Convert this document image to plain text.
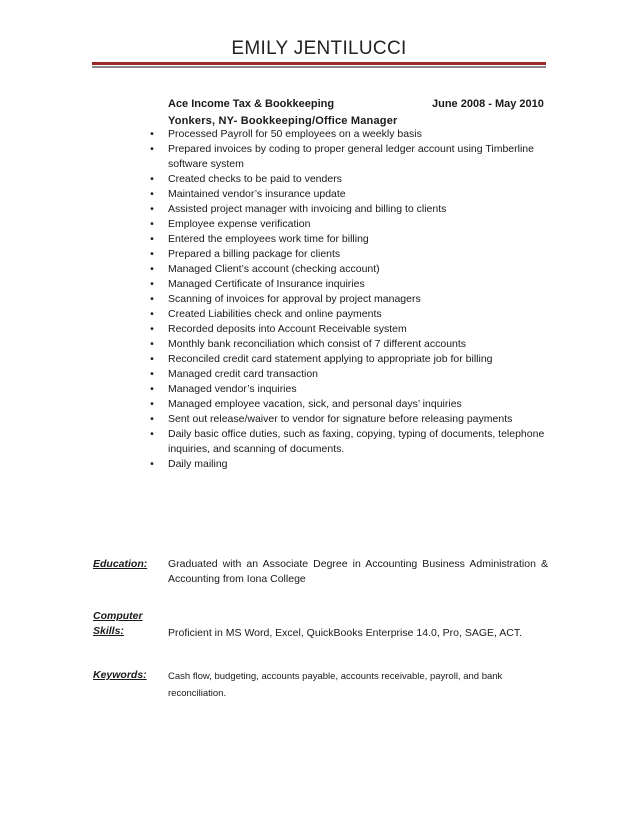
EMILY JENTILUCCI
Ace Income Tax & Bookkeeping	June 2008 - May 2010
Yonkers, NY- Bookkeeping/Office Manager
• Processed Payroll for 50 employees on a weekly basis
• Prepared invoices by coding to proper general ledger account using Timberline software system
• Created checks to be paid to venders
• Maintained vendor’s insurance update
• Assisted project manager with invoicing and billing to clients
• Employee expense verification
• Entered the employees work time for billing
• Prepared a billing package for clients
• Managed Client’s account (checking account)
• Managed Certificate of Insurance inquiries
• Scanning of invoices for approval by project managers
• Created Liabilities check and online payments
• Recorded deposits into Account Receivable system
• Monthly bank reconciliation which consist of 7 different accounts
• Reconciled credit card statement applying to appropriate job for billing
• Managed credit card transaction
• Managed vendor’s inquiries
• Managed employee vacation, sick, and personal days’ inquiries
• Sent out release/waiver to vendor for signature before releasing payments
• Daily basic office duties, such as faxing, copying, typing of documents, telephone inquiries, and scanning of documents.
• Daily mailing
Education: Graduated with an Associate Degree in Accounting Business Administration & Accounting from Iona College
Computer
Skills:	Proficient in MS Word, Excel, QuickBooks Enterprise 14.0, Pro, SAGE, ACT.
Keywords: Cash flow, budgeting, accounts payable, accounts receivable, payroll, and bank reconciliation.
